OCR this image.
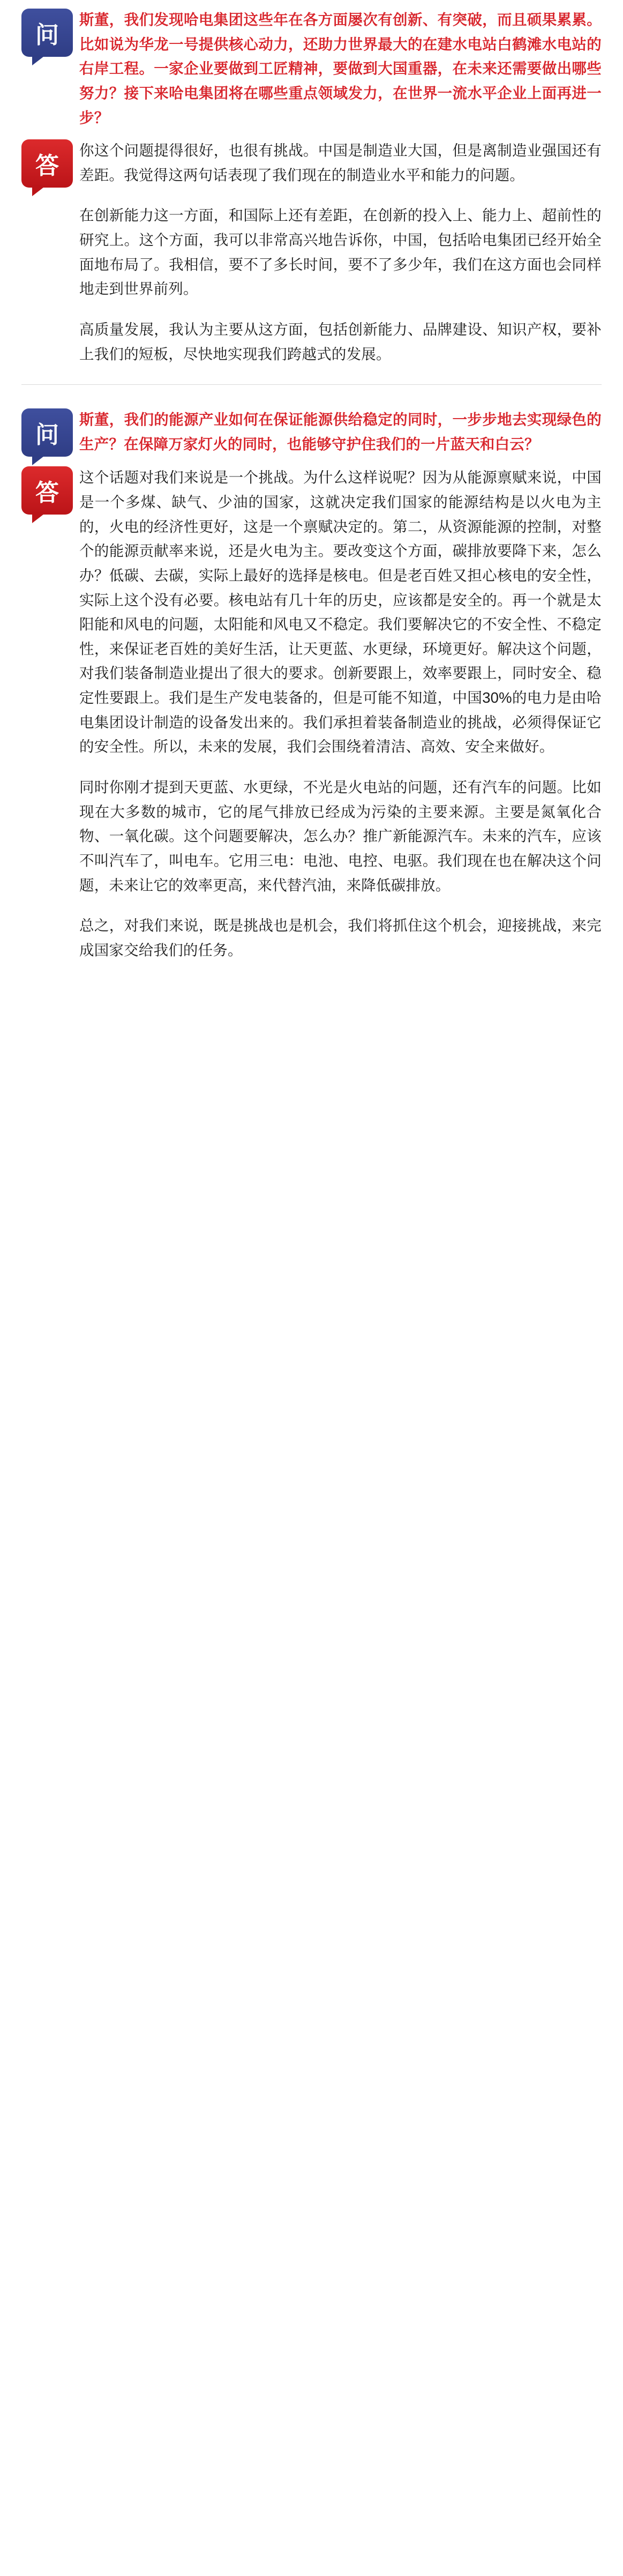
问

斯董，我们发现哈电集团这些年在各方面屡次有创新、有突破，而且硕果累累。比如说为华龙一号提供核心动力，还助力世界最大的在建水电站白鹤滩水电站的右岸工程。一家企业要做到工匠精神，要做到大国重器，在未来还需要做出哪些努力？接下来哈电集团将在哪些重点领域发力，在世界一流水平企业上面再进一步？

答

你这个问题提得很好，也很有挑战。中国是制造业大国，但是离制造业强国还有差距。我觉得这两句话表现了我们现在的制造业水平和能力的问题。

在创新能力这一方面，和国际上还有差距，在创新的投入上、能力上、超前性的研究上。这个方面，我可以非常高兴地告诉你，中国，包括哈电集团已经开始全面地布局了。我相信，要不了多长时间，要不了多少年，我们在这方面也会同样地走到世界前列。

高质量发展，我认为主要从这方面，包括创新能力、品牌建设、知识产权，要补上我们的短板，尽快地实现我们跨越式的发展。

问

斯董，我们的能源产业如何在保证能源供给稳定的同时，一步步地去实现绿色的生产？在保障万家灯火的同时，也能够守护住我们的一片蓝天和白云？

答

这个话题对我们来说是一个挑战。为什么这样说呢？因为从能源禀赋来说，中国是一个多煤、缺气、少油的国家，这就决定我们国家的能源结构是以火电为主的，火电的经济性更好，这是一个禀赋决定的。第二，从资源能源的控制，对整个的能源贡献率来说，还是火电为主。要改变这个方面，碳排放要降下来，怎么办？低碳、去碳，实际上最好的选择是核电。但是老百姓又担心核电的安全性，实际上这个没有必要。核电站有几十年的历史，应该都是安全的。再一个就是太阳能和风电的问题，太阳能和风电又不稳定。我们要解决它的不安全性、不稳定性，来保证老百姓的美好生活，让天更蓝、水更绿，环境更好。解决这个问题，对我们装备制造业提出了很大的要求。创新要跟上，效率要跟上，同时安全、稳定性要跟上。我们是生产发电装备的，但是可能不知道，中国30%的电力是由哈电集团设计制造的设备发出来的。我们承担着装备制造业的挑战，必须得保证它的安全性。所以，未来的发展，我们会围绕着清洁、高效、安全来做好。

同时你刚才提到天更蓝、水更绿，不光是火电站的问题，还有汽车的问题。比如现在大多数的城市，它的尾气排放已经成为污染的主要来源。主要是氮氧化合物、一氧化碳。这个问题要解决，怎么办？推广新能源汽车。未来的汽车，应该不叫汽车了，叫电车。它用三电：电池、电控、电驱。我们现在也在解决这个问题，未来让它的效率更高，来代替汽油，来降低碳排放。

总之，对我们来说，既是挑战也是机会，我们将抓住这个机会，迎接挑战，来完成国家交给我们的任务。
